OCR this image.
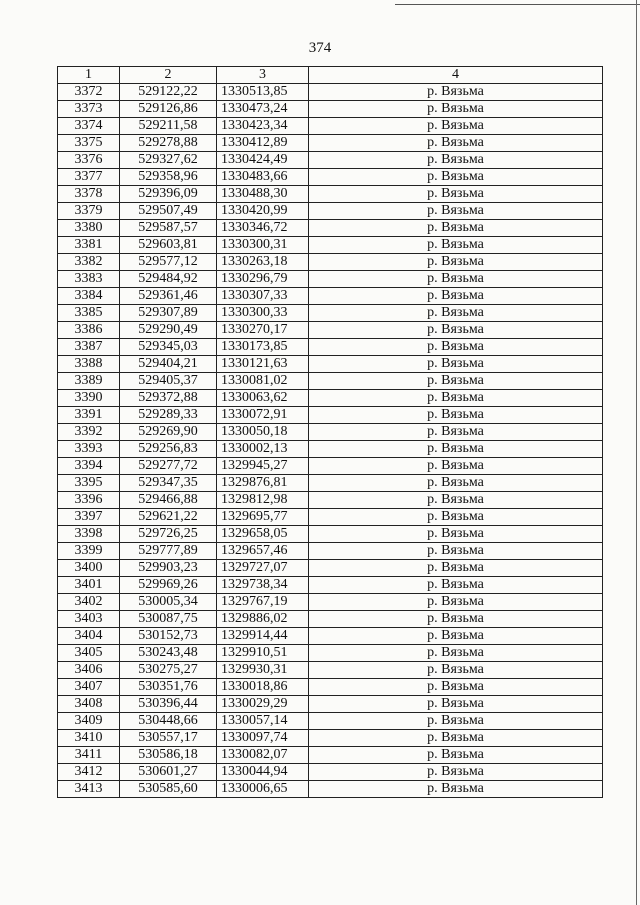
374
1	2	3	4
3372	529122,22	1330513,85	р. Вязьма
3373	529126,86	1330473,24	р. Вязьма
3374	529211,58	1330423,34	р. Вязьма
3375	529278,88	1330412,89	р. Вязьма
3376	529327,62	1330424,49	р. Вязьма
3377	529358,96	1330483,66	р. Вязьма
3378	529396,09	1330488,30	р. Вязьма
3379	529507,49	1330420,99	р. Вязьма
3380	529587,57	1330346,72	р. Вязьма
3381	529603,81	1330300,31	р. Вязьма
3382	529577,12	1330263,18	р. Вязьма
3383	529484,92	1330296,79	р. Вязьма
3384	529361,46	1330307,33	р. Вязьма
3385	529307,89	1330300,33	р. Вязьма
3386	529290,49	1330270,17	р. Вязьма
3387	529345,03	1330173,85	р. Вязьма
3388	529404,21	1330121,63	р. Вязьма
3389	529405,37	1330081,02	р. Вязьма
3390	529372,88	1330063,62	р. Вязьма
3391	529289,33	1330072,91	р. Вязьма
3392	529269,90	1330050,18	р. Вязьма
3393	529256,83	1330002,13	р. Вязьма
3394	529277,72	1329945,27	р. Вязьма
3395	529347,35	1329876,81	р. Вязьма
3396	529466,88	1329812,98	р. Вязьма
3397	529621,22	1329695,77	р. Вязьма
3398	529726,25	1329658,05	р. Вязьма
3399	529777,89	1329657,46	р. Вязьма
3400	529903,23	1329727,07	р. Вязьма
3401	529969,26	1329738,34	р. Вязьма
3402	530005,34	1329767,19	р. Вязьма
3403	530087,75	1329886,02	р. Вязьма
3404	530152,73	1329914,44	р. Вязьма
3405	530243,48	1329910,51	р. Вязьма
3406	530275,27	1329930,31	р. Вязьма
3407	530351,76	1330018,86	р. Вязьма
3408	530396,44	1330029,29	р. Вязьма
3409	530448,66	1330057,14	р. Вязьма
3410	530557,17	1330097,74	р. Вязьма
3411	530586,18	1330082,07	р. Вязьма
3412	530601,27	1330044,94	р. Вязьма
3413	530585,60	1330006,65	р. Вязьма
